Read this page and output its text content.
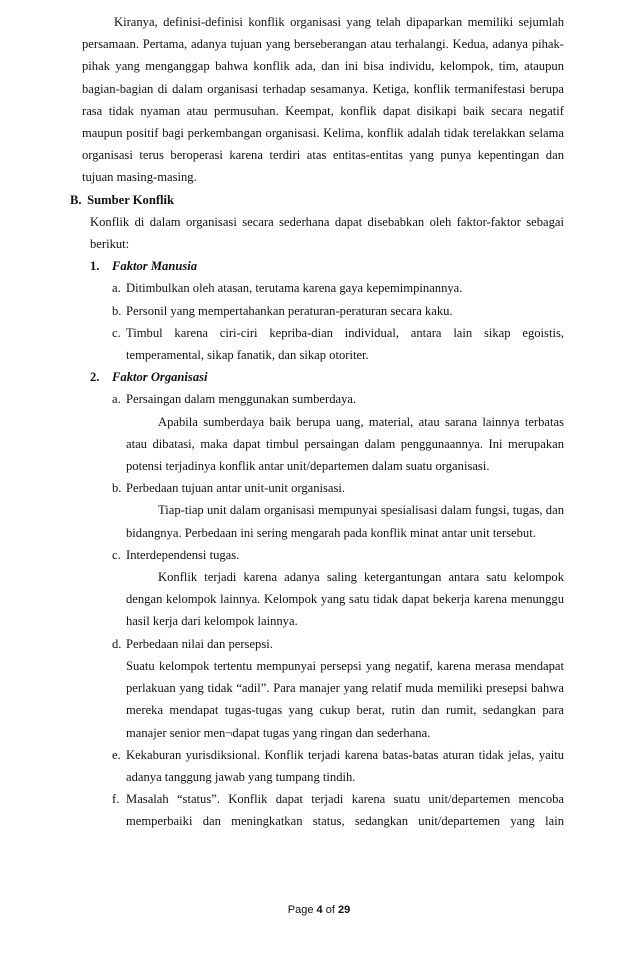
Kiranya, definisi-definisi konflik organisasi yang telah dipaparkan memiliki sejumlah persamaan. Pertama, adanya tujuan yang berseberangan atau terhalangi. Kedua, adanya pihak-pihak yang menganggap bahwa konflik ada, dan ini bisa individu, kelompok, tim, ataupun bagian-bagian di dalam organisasi terhadap sesamanya. Ketiga, konflik termanifestasi berupa rasa tidak nyaman atau permusuhan. Keempat, konflik dapat disikapi baik secara negatif maupun positif bagi perkembangan organisasi. Kelima, konflik adalah tidak terelakkan selama organisasi terus beroperasi karena terdiri atas entitas-entitas yang punya kepentingan dan tujuan masing-masing.

B. Sumber Konflik

Konflik di dalam organisasi secara sederhana dapat disebabkan oleh faktor-faktor sebagai berikut:

1. Faktor Manusia
a. Ditimbulkan oleh atasan, terutama karena gaya kepemimpinannya.
b. Personil yang mempertahankan peraturan-peraturan secara kaku.
c. Timbul karena ciri-ciri kepriba-dian individual, antara lain sikap egoistis, temperamental, sikap fanatik, dan sikap otoriter.
2. Faktor Organisasi
a. Persaingan dalam menggunakan sumberdaya.
Apabila sumberdaya baik berupa uang, material, atau sarana lainnya terbatas atau dibatasi, maka dapat timbul persaingan dalam penggunaannya. Ini merupakan potensi terjadinya konflik antar unit/departemen dalam suatu organisasi.
b. Perbedaan tujuan antar unit-unit organisasi.
Tiap-tiap unit dalam organisasi mempunyai spesialisasi dalam fungsi, tugas, dan bidangnya. Perbedaan ini sering mengarah pada konflik minat antar unit tersebut.
c. Interdependensi tugas.
Konflik terjadi karena adanya saling ketergantungan antara satu kelompok dengan kelompok lainnya. Kelompok yang satu tidak dapat bekerja karena menunggu hasil kerja dari kelompok lainnya.
d. Perbedaan nilai dan persepsi.
Suatu kelompok tertentu mempunyai persepsi yang negatif, karena merasa mendapat perlakuan yang tidak “adil”. Para manajer yang relatif muda memiliki presepsi bahwa mereka mendapat tugas-tugas yang cukup berat, rutin dan rumit, sedangkan para manajer senior men¬dapat tugas yang ringan dan sederhana.
e. Kekaburan yurisdiksional. Konflik terjadi karena batas-batas aturan tidak jelas, yaitu adanya tanggung jawab yang tumpang tindih.
f. Masalah “status”. Konflik dapat terjadi karena suatu unit/departemen mencoba memperbaiki dan meningkatkan status, sedangkan unit/departemen yang lain
Page 4 of 29
